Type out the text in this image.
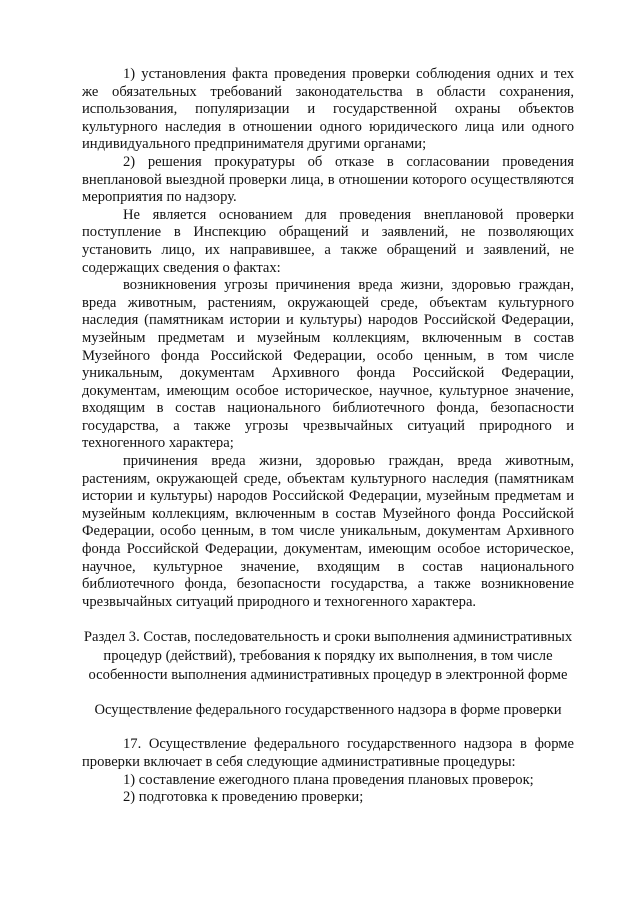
1) установления факта проведения проверки соблюдения одних и тех же обязательных требований законодательства в области сохранения, использования, популяризации и государственной охраны объектов культурного наследия в отношении одного юридического лица или одного индивидуального предпринимателя другими органами;

2) решения прокуратуры об отказе в согласовании проведения внеплановой выездной проверки лица, в отношении которого осуществляются мероприятия по надзору.

Не является основанием для проведения внеплановой проверки поступление в Инспекцию обращений и заявлений, не позволяющих установить лицо, их направившее, а также обращений и заявлений, не содержащих сведения о фактах:

возникновения угрозы причинения вреда жизни, здоровью граждан, вреда животным, растениям, окружающей среде, объектам культурного наследия (памятникам истории и культуры) народов Российской Федерации, музейным предметам и музейным коллекциям, включенным в состав Музейного фонда Российской Федерации, особо ценным, в том числе уникальным, документам Архивного фонда Российской Федерации, документам, имеющим особое историческое, научное, культурное значение, входящим в состав национального библиотечного фонда, безопасности государства, а также угрозы чрезвычайных ситуаций природного и техногенного характера;

причинения вреда жизни, здоровью граждан, вреда животным, растениям, окружающей среде, объектам культурного наследия (памятникам истории и культуры) народов Российской Федерации, музейным предметам и музейным коллекциям, включенным в состав Музейного фонда Российской Федерации, особо ценным, в том числе уникальным, документам Архивного фонда Российской Федерации, документам, имеющим особое историческое, научное, культурное значение, входящим в состав национального библиотечного фонда, безопасности государства, а также возникновение чрезвычайных ситуаций природного и техногенного характера.

Раздел 3. Состав, последовательность и сроки выполнения административных процедур (действий), требования к порядку их выполнения, в том числе особенности выполнения административных процедур в электронной форме

Осуществление федерального государственного надзора в форме проверки

17. Осуществление федерального государственного надзора в форме проверки включает в себя следующие административные процедуры:

1) составление ежегодного плана проведения плановых проверок;

2) подготовка к проведению проверки;
